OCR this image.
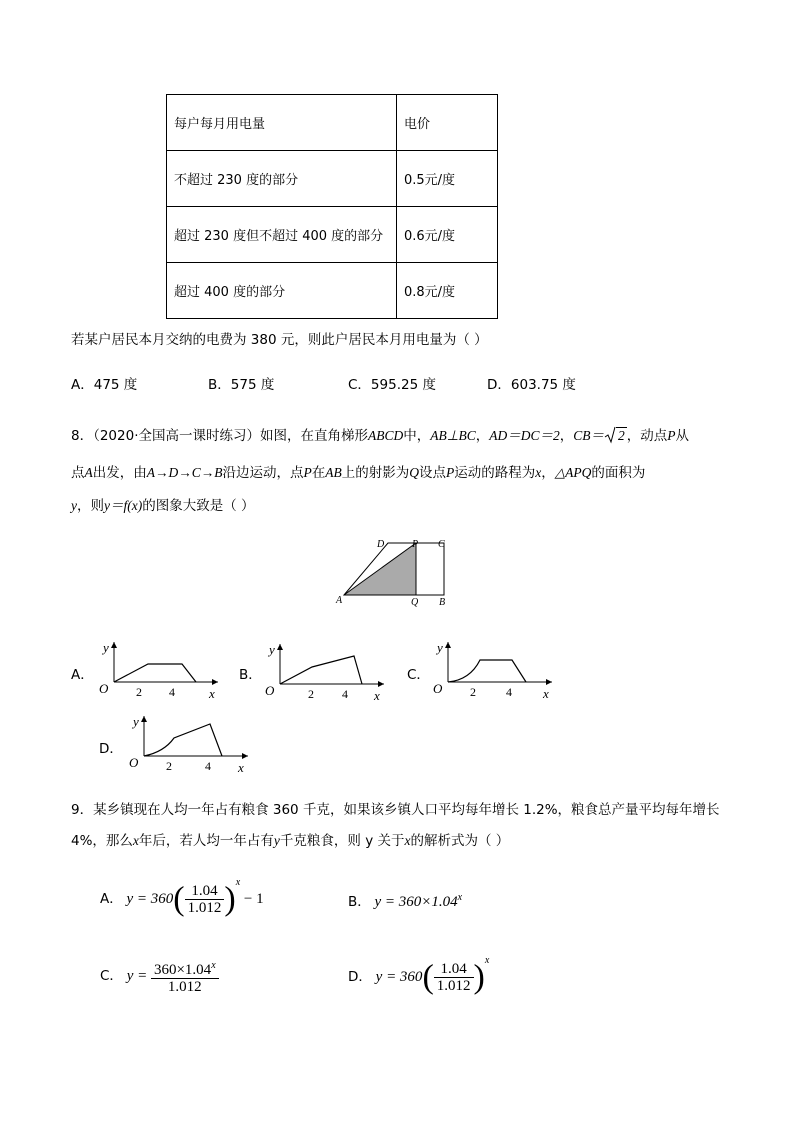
每户每月用电量	电价
不超过 230 度的部分	0.5元/度
超过 230 度但不超过 400 度的部分	0.6元/度
超过 400 度的部分	0.8元/度
若某户居民本月交纳的电费为 380 元，则此户居民本月用电量为（ ）
A．475 度	B．575 度	C．595.25 度	D．603.75 度
8．（2020·全国高一课时练习）如图，在直角梯形ABCD中，AB⊥BC，AD＝DC＝2，CB＝ 2 ，动点P从
点A出发，由A→D→C→B沿边运动，点P在AB上的射影为Q设点P运动的路程为x，△APQ的面积为
y，则y＝f(x)的图象大致是（ ）
D	P C
A	Q B
A．
y
O 2 4	x
B．
y
O	2 4 x
C．
y
O 2	4 x
D．
y
O 2	4 x
9．某乡镇现在人均一年占有粮食 360 千克，如果该乡镇人口平均每年增长 1.2%，粮食总产量平均每年增长
4%，那么x年后，若人均一年占有y千克粮食，则 y 关于x的解析式为（ ）
A． $y = 360( \frac{1.04}{1.012} )^x - 1$	B． $y = 360\times 1.04^x$
C． $y = \frac{360\times 1.04^x}{1.012}$	D． $y = 360( \frac{1.04}{1.012} )^x$
